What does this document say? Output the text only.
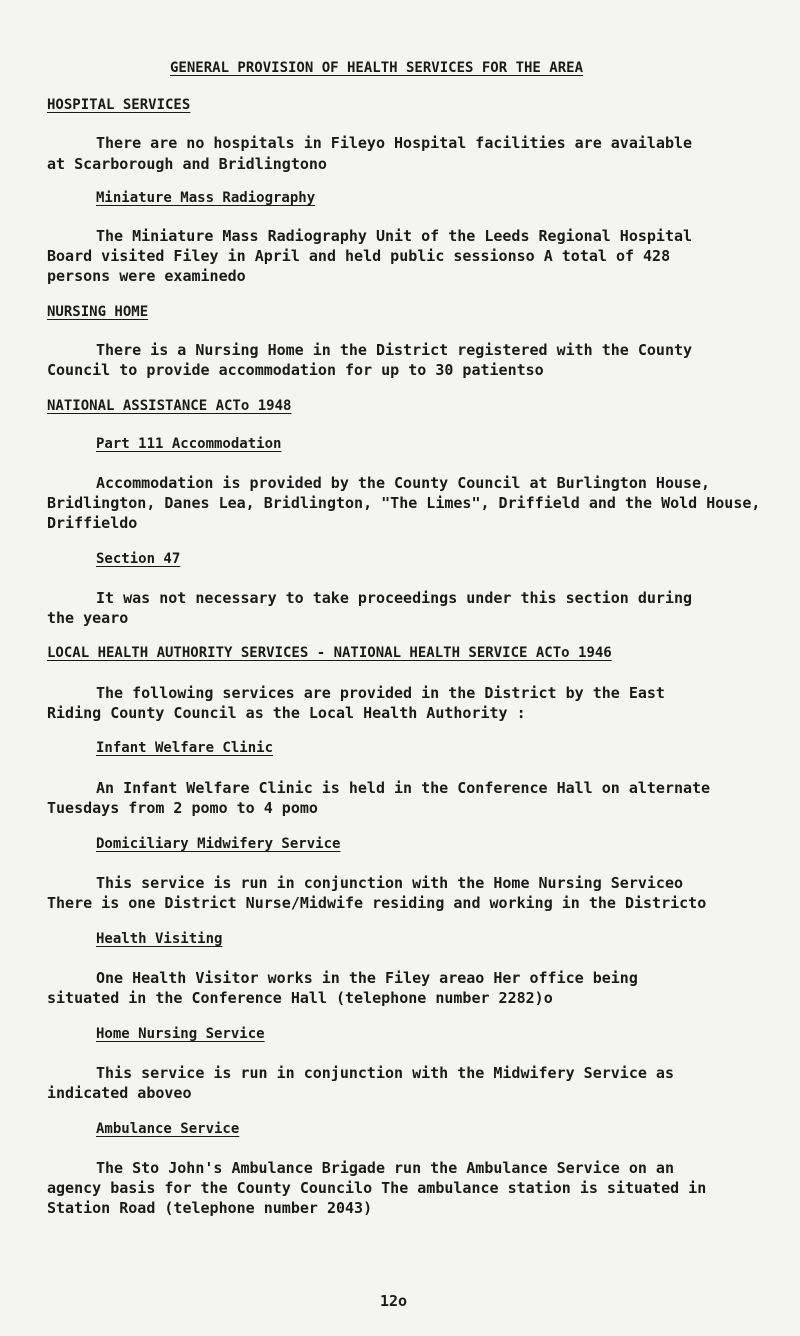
GENERAL PROVISION OF HEALTH SERVICES FOR THE AREA
HOSPITAL SERVICES
There are no hospitals in Fileyo Hospital facilities are available
at Scarborough and Bridlingtono
Miniature Mass Radiography
The Miniature Mass Radiography Unit of the Leeds Regional Hospital
Board visited Filey in April and held public sessionso A total of 428
persons were examinedo
NURSING HOME
There is a Nursing Home in the District registered with the County
Council to provide accommodation for up to 30 patientso
NATIONAL ASSISTANCE ACTo 1948
Part 111 Accommodation
Accommodation is provided by the County Council at Burlington House,
Bridlington, Danes Lea, Bridlington, "The Limes", Driffield and the Wold House,
Driffieldo
Section 47
It was not necessary to take proceedings under this section during
the yearo
LOCAL HEALTH AUTHORITY SERVICES - NATIONAL HEALTH SERVICE ACTo 1946
The following services are provided in the District by the East
Riding County Council as the Local Health Authority :
Infant Welfare Clinic
An Infant Welfare Clinic is held in the Conference Hall on alternate
Tuesdays from 2 pomo to 4 pomo
Domiciliary Midwifery Service
This service is run in conjunction with the Home Nursing Serviceo
There is one District Nurse/Midwife residing and working in the Districto
Health Visiting
One Health Visitor works in the Filey areao Her office being
situated in the Conference Hall (telephone number 2282)o
Home Nursing Service
This service is run in conjunction with the Midwifery Service as
indicated aboveo
Ambulance Service
The Sto John's Ambulance Brigade run the Ambulance Service on an
agency basis for the County Councilo The ambulance station is situated in
Station Road (telephone number 2043)
12o
